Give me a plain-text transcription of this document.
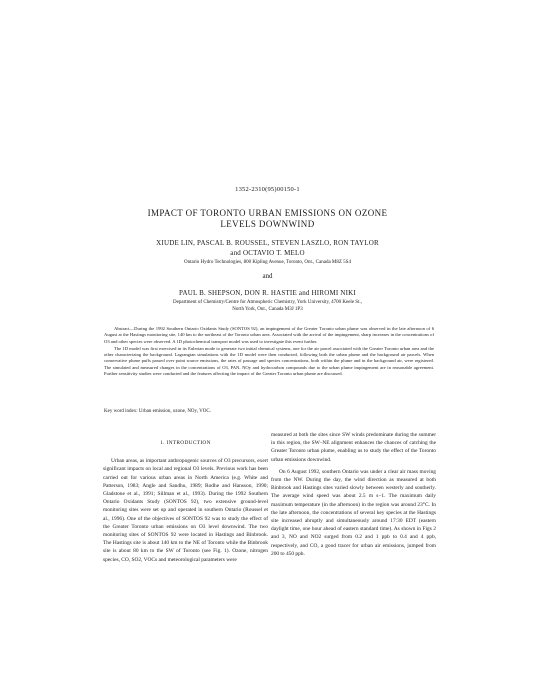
1352-2310(95)00150-1
IMPACT OF TORONTO URBAN EMISSIONS ON OZONE
LEVELS DOWNWIND
XIUDE LIN, PASCAL B. ROUSSEL, STEVEN LASZLO, RON TAYLOR
and OCTAVIO T. MELO
Ontario Hydro Technologies, 800 Kipling Avenue, Toronto, Ont., Canada M8Z 5S4
and
PAUL B. SHEPSON, DON R. HASTIE and HIROMI NIKI
Department of Chemistry/Centre for Atmospheric Chemistry, York University, 4700 Keele St.,
North York, Ont., Canada M3J 1P3

Abstract—During the 1992 Southern Ontario Oxidants Study (SONTOS 92), an impingement of the Greater Toronto urban plume was observed in the late afternoon of 6 August at the Hastings monitoring site, 140 km to the northeast of the Toronto urban area. Associated with the arrival of the impingement, sharp increases in the concentrations of O3 and other species were observed. A 1D photochemical transport model was used to investigate this event further.

The 1D model was first exercised in its Eulerian mode to generate two initial chemical systems, one for the air parcel associated with the Greater Toronto urban area and the other characterizing the background. Lagrangian simulations with the 1D model were then conducted, following both the urban plume and the background air parcels. When conservative plume puffs passed over point source emissions, the rates of passage and species concentrations, both within the plume and in the background air, were registered. The simulated and measured changes in the concentrations of O3, PAN, NOy and hydrocarbon compounds due to the urban plume impingement are in reasonable agreement. Further sensitivity studies were conducted and the features affecting the impact of the Greater Toronto urban plume are discussed.

Key word index: Urban emission, ozone, NOy, VOC.
1. INTRODUCTION

Urban areas, as important anthropogenic sources of O3 precursors, exert significant impacts on local and regional O3 levels. Previous work has been carried out for various urban areas in North America (e.g. White and Patterson, 1983; Angle and Sandhu, 1989; Rodhe and Hansson, 1990; Gladstone et al., 1991; Sillman et al., 1993). During the 1992 Southern Ontario Oxidants Study (SONTOS 92), two extensive ground-level monitoring sites were set up and operated in southern Ontario (Roussel et al., 1996). One of the objectives of SONTOS 92 was to study the effect of the Greater Toronto urban emissions on O3 level downwind. The two monitoring sites of SONTOS 92 were located in Hastings and Binbrook. The Hastings site is about 140 km to the NE of Toronto while the Binbrook site is about 80 km to the SW of Toronto (see Fig. 1). Ozone, nitrogen species, CO, SO2, VOCs and meteorological parameters were

measured at both the sites since SW winds predominate during the summer in this region, the SW–NE alignment enhances the chances of catching the Greater Toronto urban plume, enabling us to study the effect of the Toronto urban emissions downwind.

On 6 August 1992, southern Ontario was under a clear air mass moving from the NW. During the day, the wind direction as measured at both Binbrook and Hastings sites varied slowly between westerly and southerly. The average wind speed was about 2.5 m s−1. The maximum daily maximum temperature (in the afternoon) in the region was around 23°C. In the late afternoon, the concentrations of several key species at the Hastings site increased abruptly and simultaneously around 17:30 EDT (eastern daylight time, one hour ahead of eastern standard time). As shown in Figs 2 and 3, NO and NO2 surged from 0.2 and 1 ppb to 0.4 and 4 ppb, respectively, and CO, a good tracer for urban air emissions, jumped from 200 to 450 ppb.
